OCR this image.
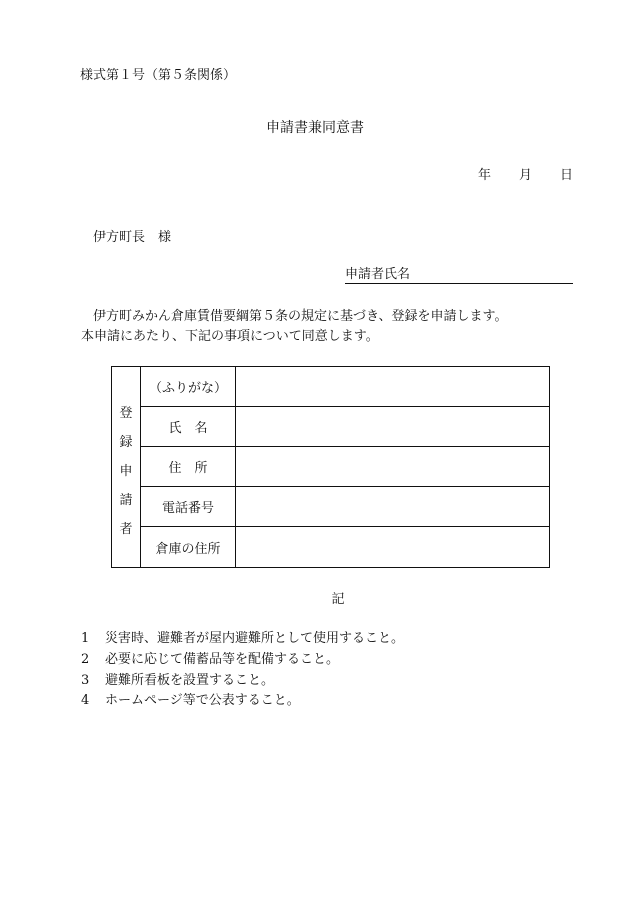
様式第１号（第５条関係）
申請書兼同意書
年 月 日
伊方町長　様
申請者氏名
伊方町みかん倉庫賃借要綱第５条の規定に基づき、登録を申請します。
本申請にあたり、下記の事項について同意します。
登
録
申
請
者
（ふりがな）
氏　名
住　所
電話番号
倉庫の住所
記
1 災害時、避難者が屋内避難所として使用すること。
2 必要に応じて備蓄品等を配備すること。
3 避難所看板を設置すること。
4 ホームページ等で公表すること。
